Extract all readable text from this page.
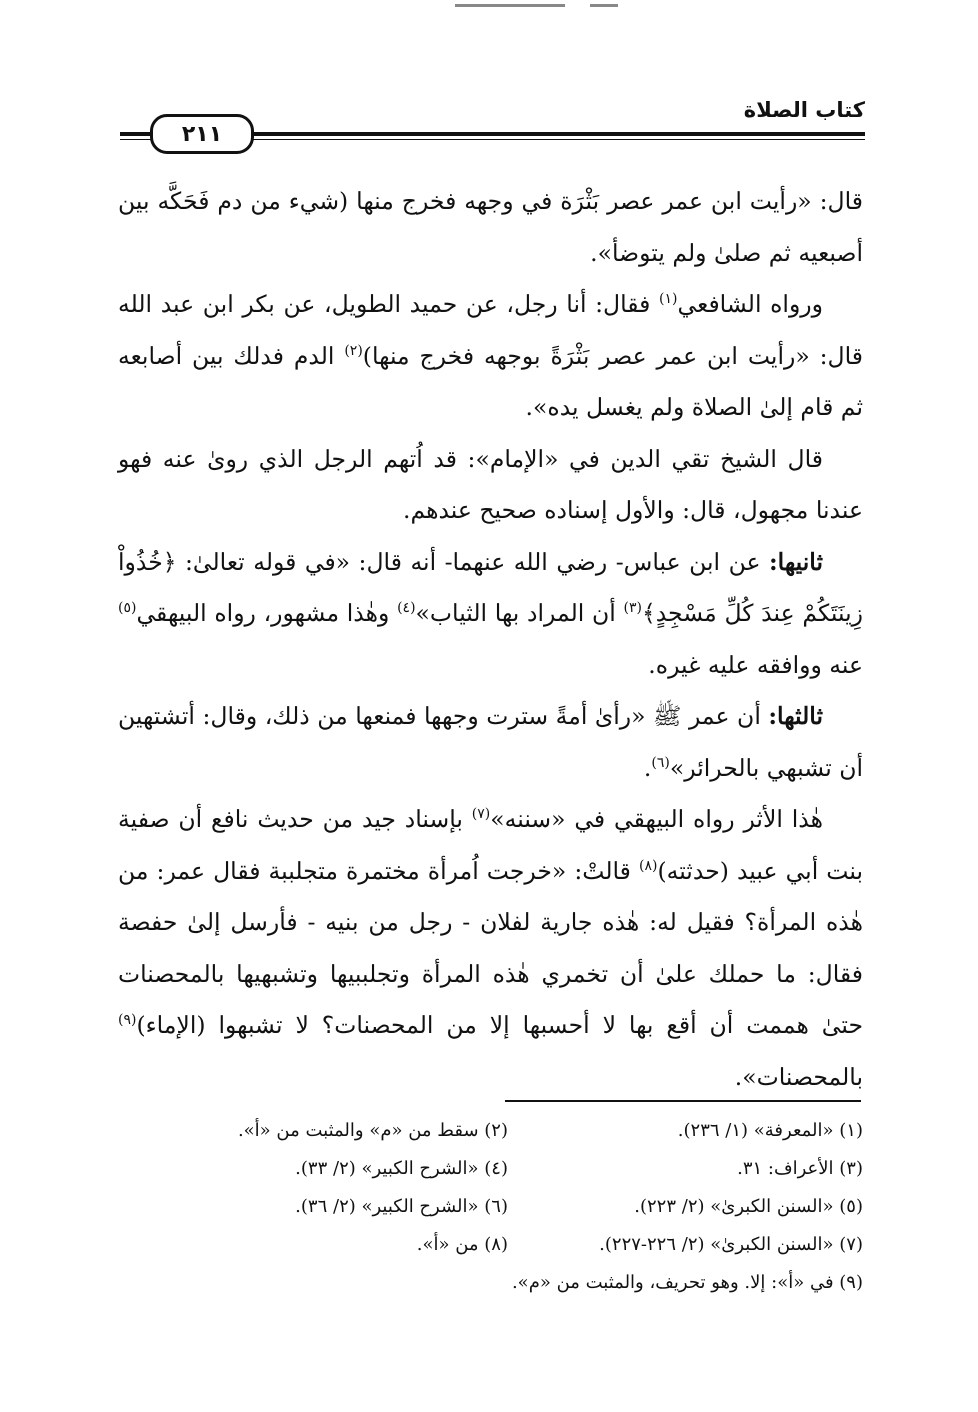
٢١١
كتاب الصلاة

قال: «رأيت ابن عمر عصر بَثْرَة في وجهه فخرج منها (شيء من دم فَحَكَّه بين أصبعيه ثم صلىٰ ولم يتوضأ».

ورواه الشافعي$^{(١)}$ فقال: أنا رجل، عن حميد الطويل، عن بكر ابن عبد الله قال: «رأيت ابن عمر عصر بَثْرَةً بوجهه فخرج منها)$^{(٢)}$ الدم فدلك بين أصابعه ثم قام إلىٰ الصلاة ولم يغسل يده».

قال الشيخ تقي الدين في «الإمام»: قد اُتهم الرجل الذي رویٰ عنه فهو عندنا مجهول، قال: والأول إسناده صحيح عندهم.

ثانيها: عن ابن عباس- رضي الله عنهما- أنه قال: «في قوله تعالىٰ: ﴿خُذُواْ زِينَتَكُمْ عِندَ كُلِّ مَسْجِدٍ﴾$^{(٣)}$ أن المراد بها الثياب»$^{(٤)}$ وهٰذا مشهور، رواه البيهقي$^{(٥)}$ عنه ووافقه عليه غيره.

ثالثها: أن عمر ﷺ «رأىٰ أمةً سترت وجهها فمنعها من ذلك، وقال: أتشتهين أن تشبهي بالحرائر»$^{(٦)}$.

هٰذا الأثر رواه البيهقي في «سننه»$^{(٧)}$ بإسناد جيد من حديث نافع أن صفية بنت أبي عبيد (حدثته)$^{(٨)}$ قالتْ: «خرجت اُمرأة مختمرة متجلببة فقال عمر: من هٰذه المرأة؟ فقيل له: هٰذه جارية لفلان - رجل من بنيه - فأرسل إلىٰ حفصة فقال: ما حملك علىٰ أن تخمري هٰذه المرأة وتجلببيها وتشبهيها بالمحصنات حتىٰ هممت أن أقع بها لا أحسبها إلا من المحصنات؟ لا تشبهوا (الإماء)$^{(٩)}$ بالمحصنات».

(١) «المعرفة» (١/ ٢٣٦).
(٢) سقط من «م» والمثبت من «أ».
(٣) الأعراف: ٣١.
(٤) «الشرح الكبير» (٢/ ٣٣).
(٥) «السنن الكبرىٰ» (٢/ ٢٢٣).
(٦) «الشرح الكبير» (٢/ ٣٦).
(٧) «السنن الكبرىٰ» (٢/ ٢٢٦-٢٢٧).
(٨) من «أ».
(٩) في «أ»: إلا. وهو تحريف، والمثبت من «م».
